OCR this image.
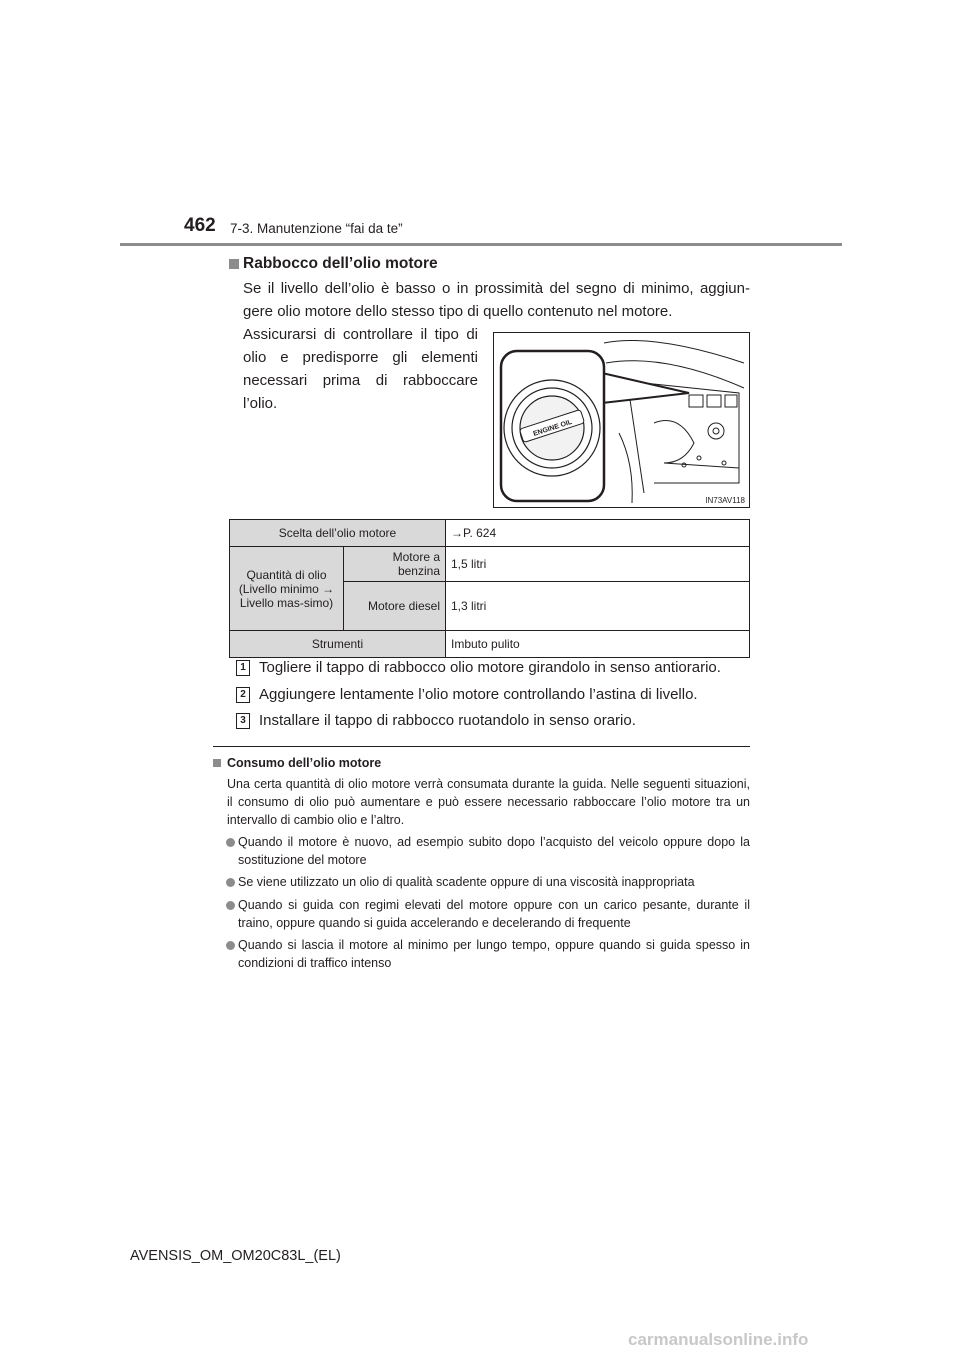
462 7-3. Manutenzione “fai da te”
Rabbocco dell’olio motore
Se il livello dell’olio è basso o in prossimità del segno di minimo, aggiun-gere olio motore dello stesso tipo di quello contenuto nel motore.
Assicurarsi di controllare il tipo di olio e predisporre gli elementi necessari prima di rabboccare l’olio.
ENGINE OIL
IN73AV118
Scelta dell’olio motore		→P. 624
Quantità di olio (Livello minimo → Livello mas-simo)	Motore a benzina	1,5 litri
	Motore diesel	1,3 litri
Strumenti		Imbuto pulito
1 Togliere il tappo di rabbocco olio motore girandolo in senso antiorario.
2 Aggiungere lentamente l’olio motore controllando l’astina di livello.
3 Installare il tappo di rabbocco ruotandolo in senso orario.
Consumo dell’olio motore
Una certa quantità di olio motore verrà consumata durante la guida. Nelle seguenti situazioni, il consumo di olio può aumentare e può essere necessario rabboccare l’olio motore tra un intervallo di cambio olio e l’altro.
Quando il motore è nuovo, ad esempio subito dopo l’acquisto del veicolo oppure dopo la sostituzione del motore
Se viene utilizzato un olio di qualità scadente oppure di una viscosità inappropriata
Quando si guida con regimi elevati del motore oppure con un carico pesante, durante il traino, oppure quando si guida accelerando e decelerando di frequente
Quando si lascia il motore al minimo per lungo tempo, oppure quando si guida spesso in condizioni di traffico intenso
AVENSIS_OM_OM20C83L_(EL)
carmanualsonline.info
